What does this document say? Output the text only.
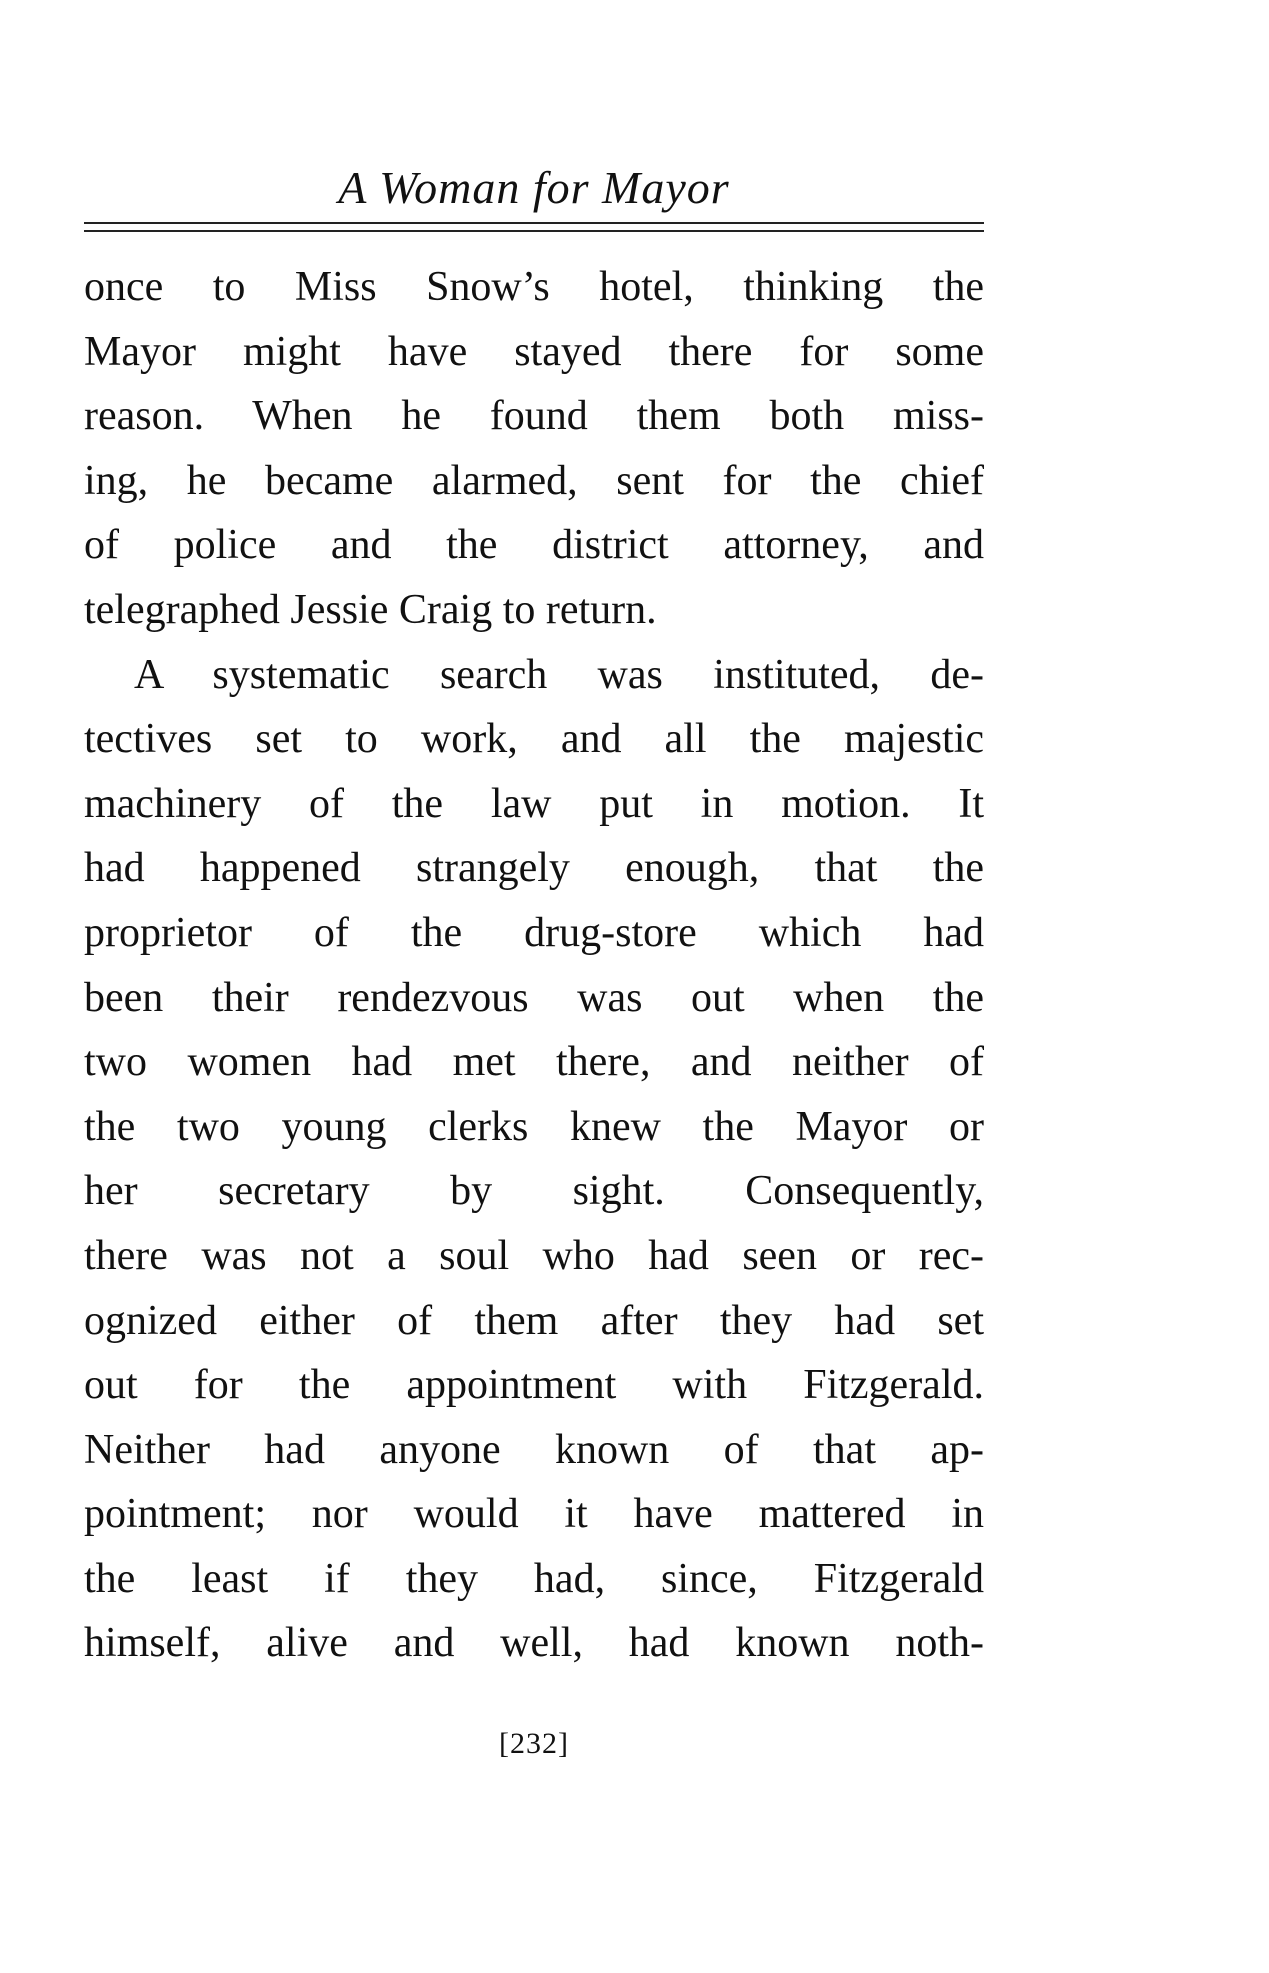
A Woman for Mayor
once to Miss Snow’s hotel, thinking the
Mayor might have stayed there for some
reason. When he found them both miss-
ing, he became alarmed, sent for the chief
of police and the district attorney, and
telegraphed Jessie Craig to return.
A systematic search was instituted, de-
tectives set to work, and all the majestic
machinery of the law put in motion. It
had happened strangely enough, that the
proprietor of the drug-store which had
been their rendezvous was out when the
two women had met there, and neither of
the two young clerks knew the Mayor or
her secretary by sight. Consequently,
there was not a soul who had seen or rec-
ognized either of them after they had set
out for the appointment with Fitzgerald.
Neither had anyone known of that ap-
pointment; nor would it have mattered in
the least if they had, since, Fitzgerald
himself, alive and well, had known noth-
[232]
